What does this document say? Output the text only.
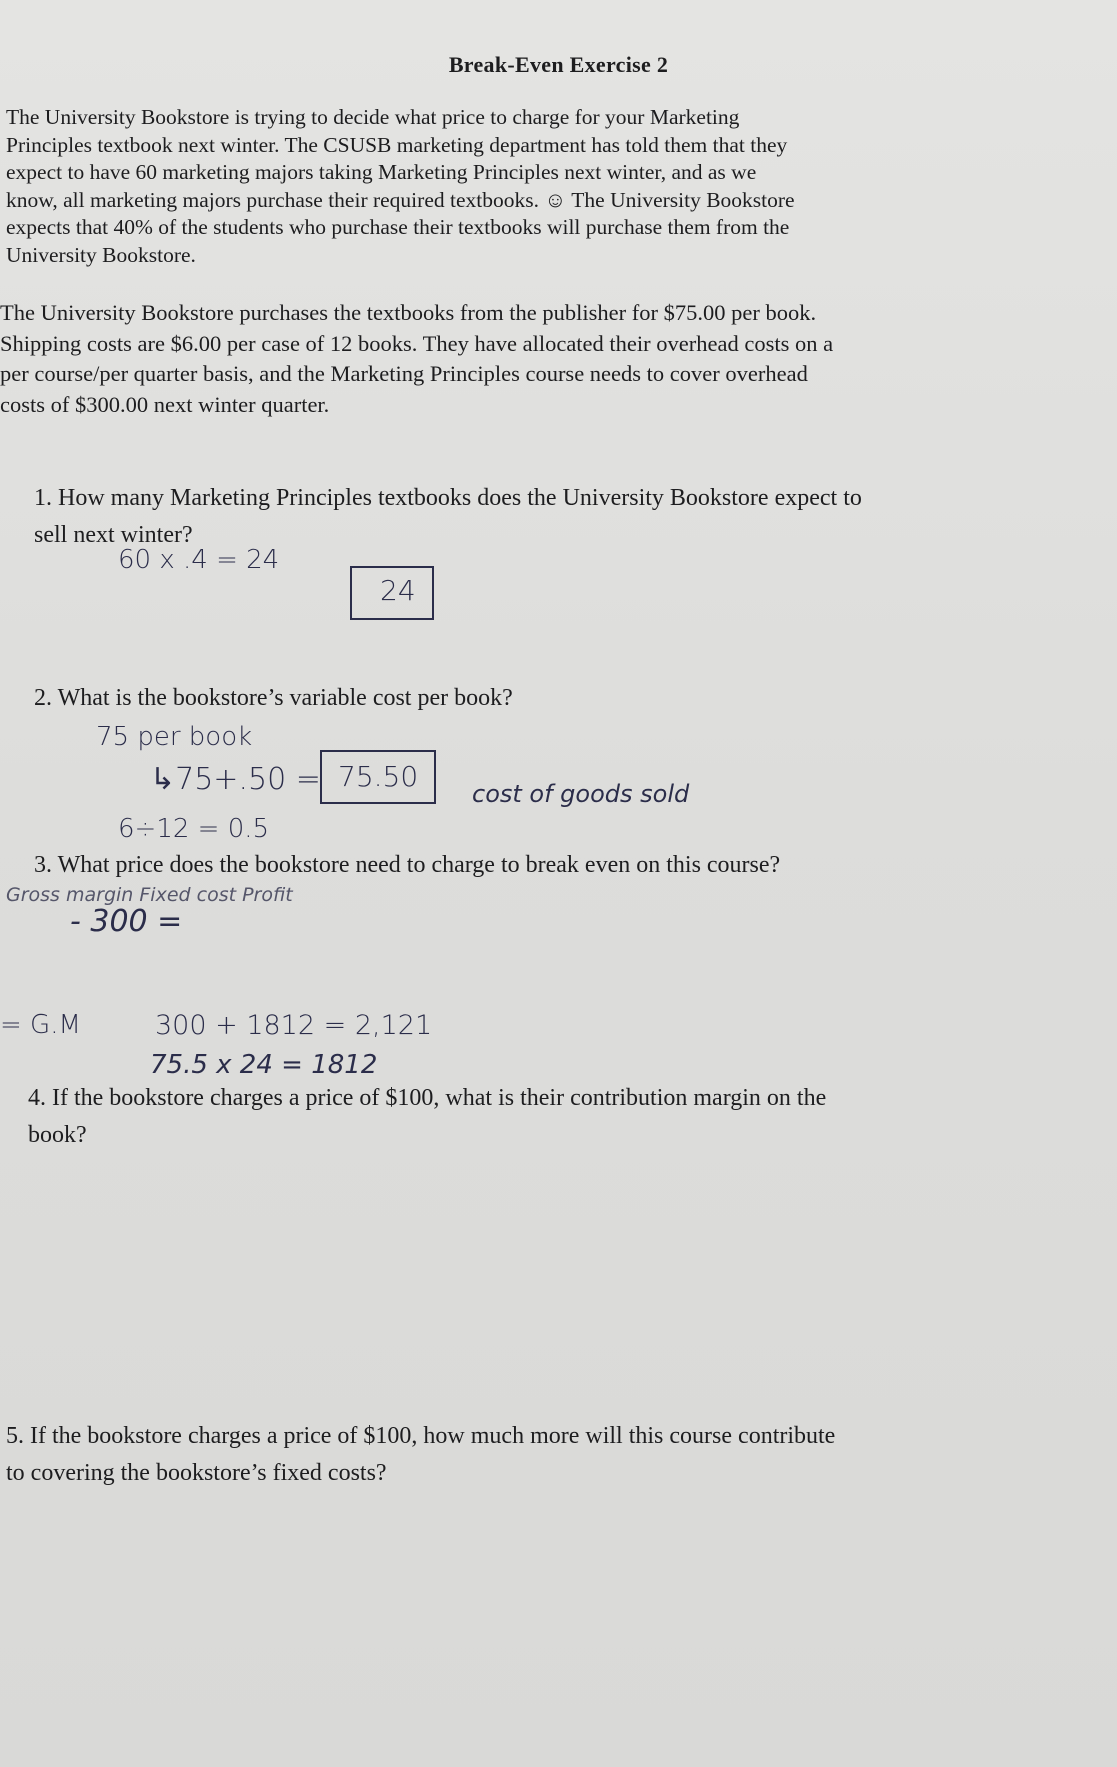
Break-Even Exercise 2

The University Bookstore is trying to decide what price to charge for your Marketing
Principles textbook next winter. The CSUSB marketing department has told them that they
expect to have 60 marketing majors taking Marketing Principles next winter, and as we
know, all marketing majors purchase their required textbooks. ☺ The University Bookstore
expects that 40% of the students who purchase their textbooks will purchase them from the
University Bookstore.

The University Bookstore purchases the textbooks from the publisher for $75.00 per book.
Shipping costs are $6.00 per case of 12 books. They have allocated their overhead costs on a
per course/per quarter basis, and the Marketing Principles course needs to cover overhead
costs of $300.00 next winter quarter.

1. How many Marketing Principles textbooks does the University Bookstore expect to
sell next winter?
60 x .4 = 24
24
2. What is the bookstore’s variable cost per book?
75 per book
↳75+.50 = 75.50
cost of goods sold
6÷12 = 0.5
3. What price does the bookstore need to charge to break even on this course?
Gross margin Fixed cost Profit
- 300 =
= G.M	300 + 1812 = 2,121
75.5 x 24 = 1812
4. If the bookstore charges a price of $100, what is their contribution margin on the
book?
5. If the bookstore charges a price of $100, how much more will this course contribute
to covering the bookstore’s fixed costs?
